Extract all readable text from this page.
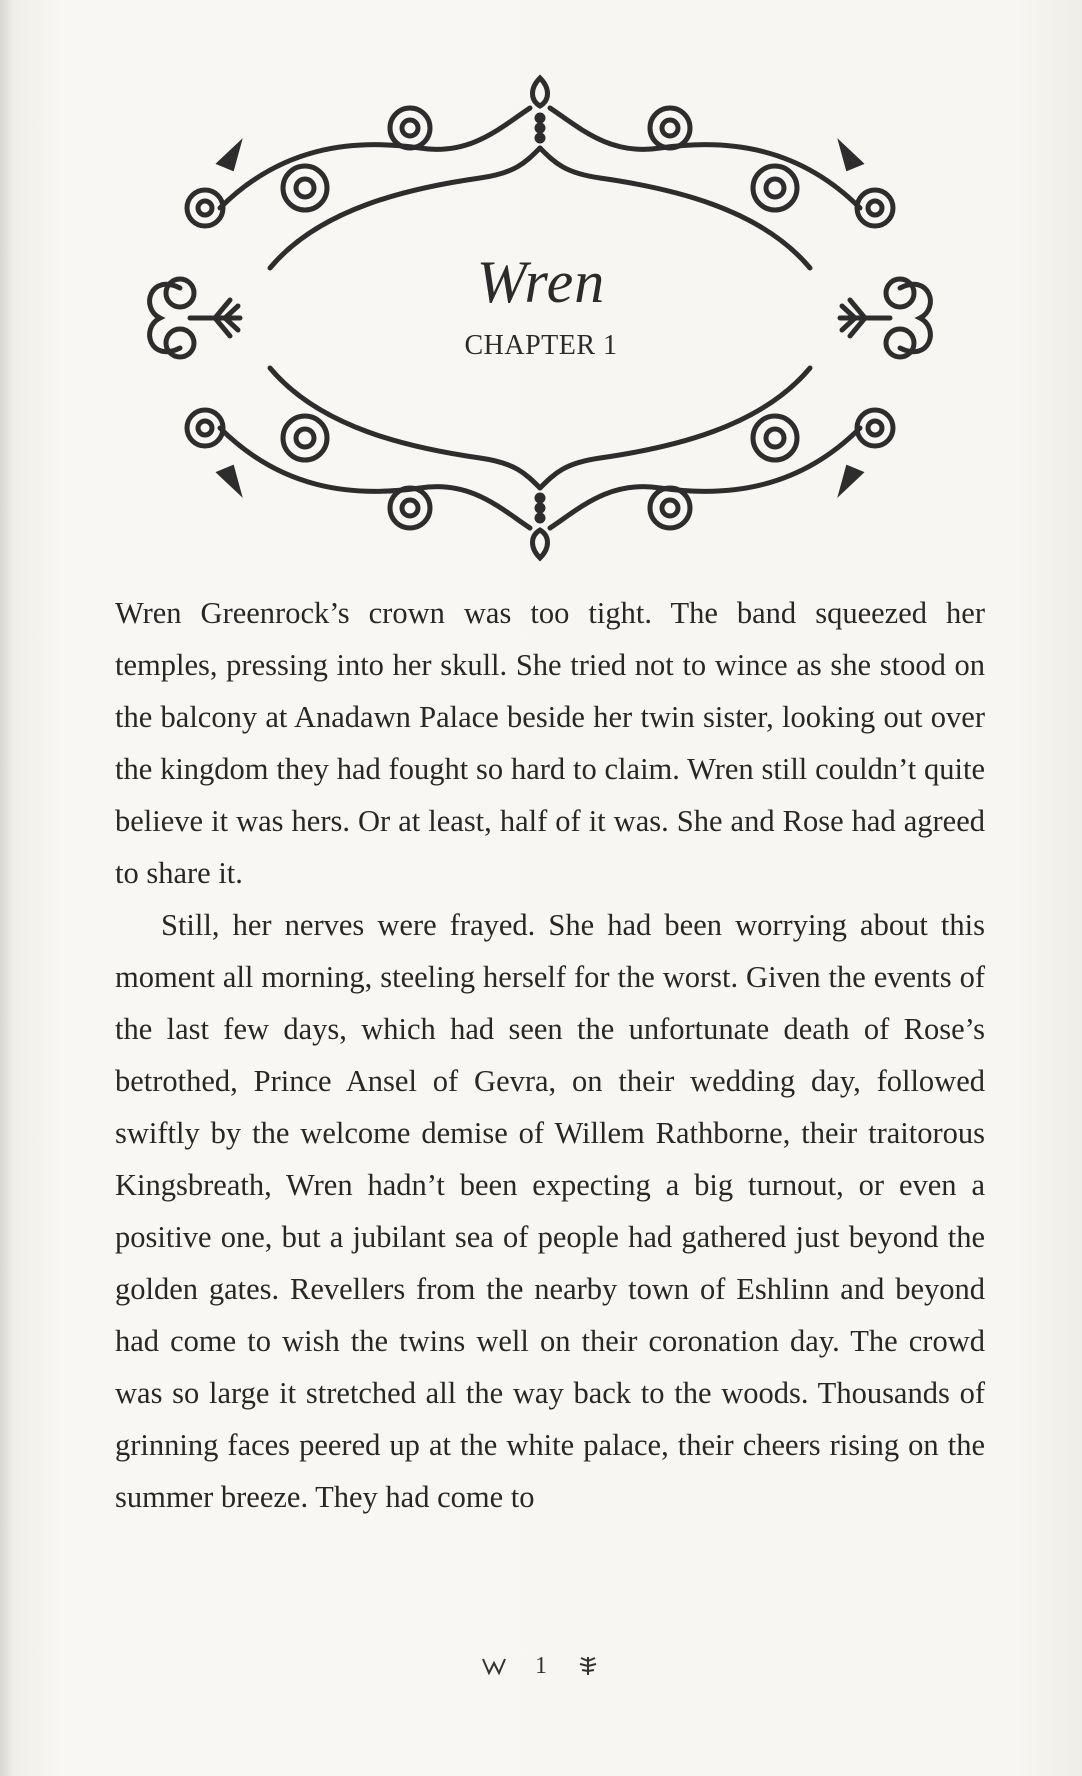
Wren
CHAPTER 1

Wren Greenrock’s crown was too tight. The band squeezed her temples, pressing into her skull. She tried not to wince as she stood on the balcony at Anadawn Palace beside her twin sister, looking out over the kingdom they had fought so hard to claim. Wren still couldn’t quite believe it was hers. Or at least, half of it was. She and Rose had agreed to share it.

Still, her nerves were frayed. She had been worrying about this moment all morning, steeling herself for the worst. Given the events of the last few days, which had seen the unfortunate death of Rose’s betrothed, Prince Ansel of Gevra, on their wedding day, followed swiftly by the welcome demise of Willem Rathborne, their traitorous Kingsbreath, Wren hadn’t been expecting a big turnout, or even a positive one, but a jubilant sea of people had gathered just beyond the golden gates. Revellers from the nearby town of Eshlinn and beyond had come to wish the twins well on their coronation day. The crowd was so large it stretched all the way back to the woods. Thousands of grinning faces peered up at the white palace, their cheers rising on the summer breeze. They had come to

1
